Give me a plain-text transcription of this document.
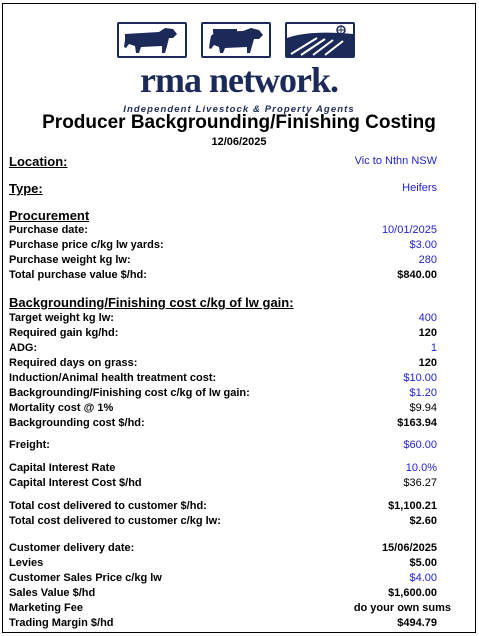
rma network.
Independent Livestock & Property Agents
Producer Backgrounding/Finishing Costing
12/06/2025
Location:	Vic to Nthn NSW
Type:	Heifers
Procurement
Purchase date:	10/01/2025
Purchase price c/kg lw yards:	$3.00
Purchase weight kg lw:	280
Total purchase value $/hd:	$840.00
Backgrounding/Finishing cost c/kg of lw gain:
Target weight kg lw:	400
Required gain kg/hd:	120
ADG:	1
Required days on grass:	120
Induction/Animal health treatment cost:	$10.00
Backgrounding/Finishing cost c/kg of lw gain:	$1.20
Mortality cost @ 1%	$9.94
Backgrounding cost $/hd:	$163.94
Freight:	$60.00
Capital Interest Rate	10.0%
Capital Interest Cost $/hd	$36.27
Total cost delivered to customer $/hd:	$1,100.21
Total cost delivered to customer c/kg lw:	$2.60
Customer delivery date:	15/06/2025
Levies	$5.00
Customer Sales Price c/kg lw	$4.00
Sales Value $/hd	$1,600.00
Marketing Fee	do your own sums
Trading Margin $/hd	$494.79
